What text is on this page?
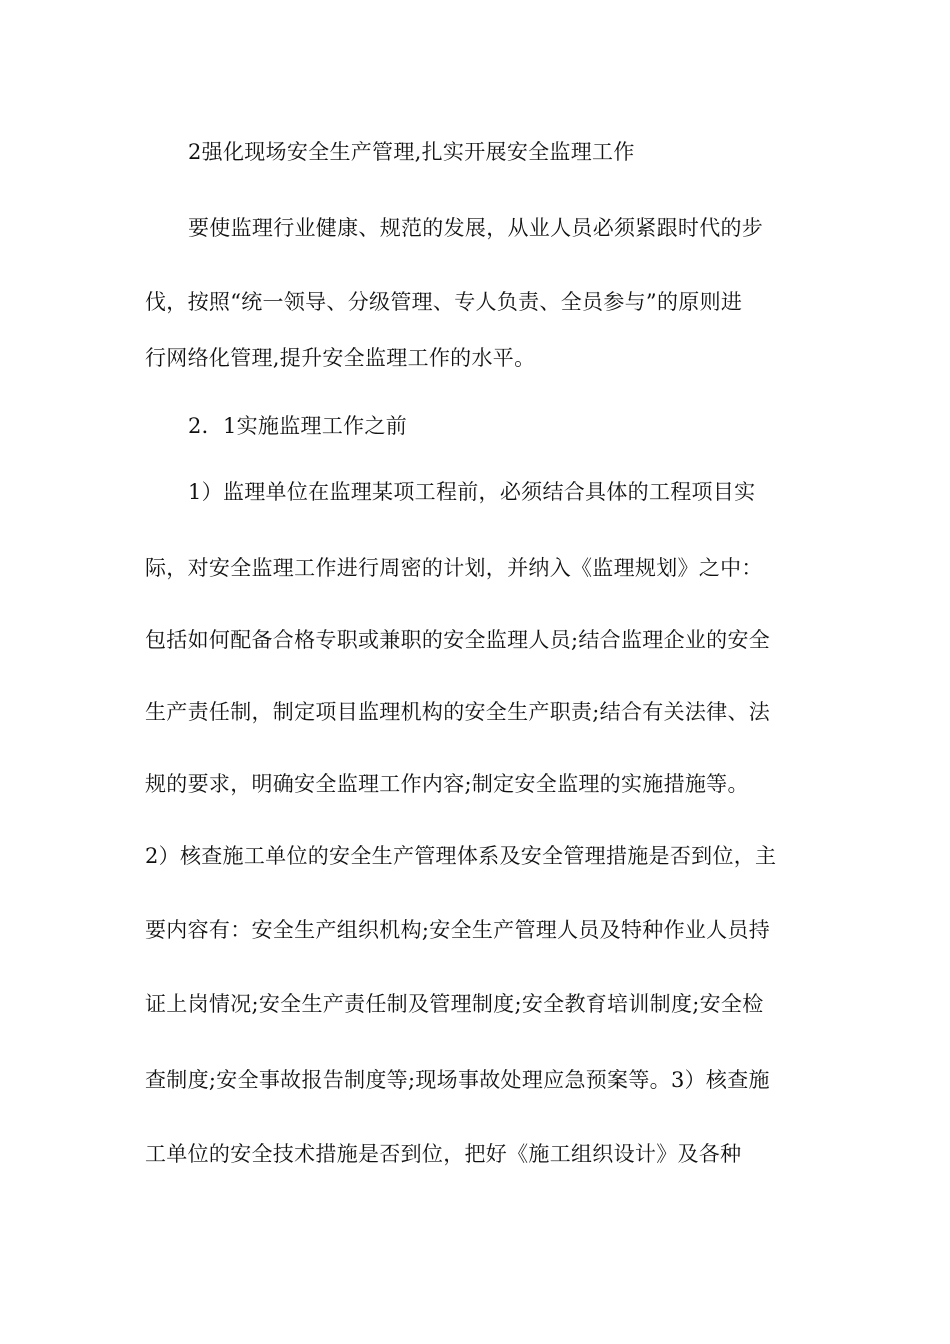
2强化现场安全生产管理,扎实开展安全监理工作
要使监理行业健康、规范的发展，从业人员必须紧跟时代的步
伐，按照“统一领导、分级管理、专人负责、全员参与”的原则进
行网络化管理,提升安全监理工作的水平。
2．1实施监理工作之前
1）监理单位在监理某项工程前，必须结合具体的工程项目实
际，对安全监理工作进行周密的计划，并纳入《监理规划》之中：
包括如何配备合格专职或兼职的安全监理人员;结合监理企业的安全
生产责任制，制定项目监理机构的安全生产职责;结合有关法律、法
规的要求，明确安全监理工作内容;制定安全监理的实施措施等。
2）核查施工单位的安全生产管理体系及安全管理措施是否到位，主
要内容有：安全生产组织机构;安全生产管理人员及特种作业人员持
证上岗情况;安全生产责任制及管理制度;安全教育培训制度;安全检
查制度;安全事故报告制度等;现场事故处理应急预案等。3）核查施
工单位的安全技术措施是否到位，把好《施工组织设计》及各种
